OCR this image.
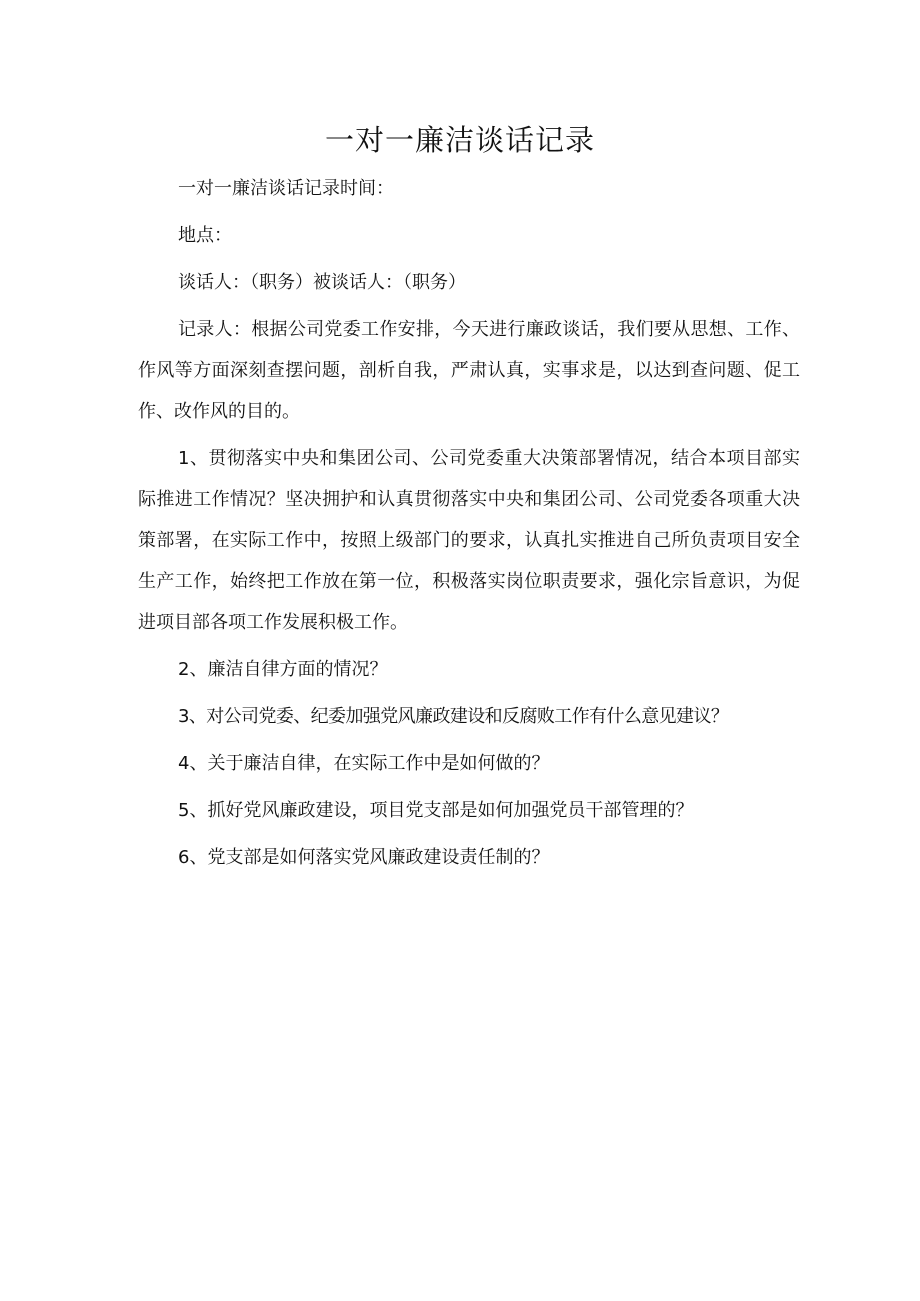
一对一廉洁谈话记录

一对一廉洁谈话记录时间：

地点：

谈话人：（职务）被谈话人：（职务）

记录人：根据公司党委工作安排，今天进行廉政谈话，我们要从思想、工作、作风等方面深刻查摆问题，剖析自我，严肃认真，实事求是，以达到查问题、促工作、改作风的目的。

1、贯彻落实中央和集团公司、公司党委重大决策部署情况，结合本项目部实际推进工作情况？坚决拥护和认真贯彻落实中央和集团公司、公司党委各项重大决策部署，在实际工作中，按照上级部门的要求，认真扎实推进自己所负责项目安全生产工作，始终把工作放在第一位，积极落实岗位职责要求，强化宗旨意识，为促进项目部各项工作发展积极工作。

2、廉洁自律方面的情况？

3、对公司党委、纪委加强党风廉政建设和反腐败工作有什么意见建议？

4、关于廉洁自律，在实际工作中是如何做的？

5、抓好党风廉政建设，项目党支部是如何加强党员干部管理的？

6、党支部是如何落实党风廉政建设责任制的？
